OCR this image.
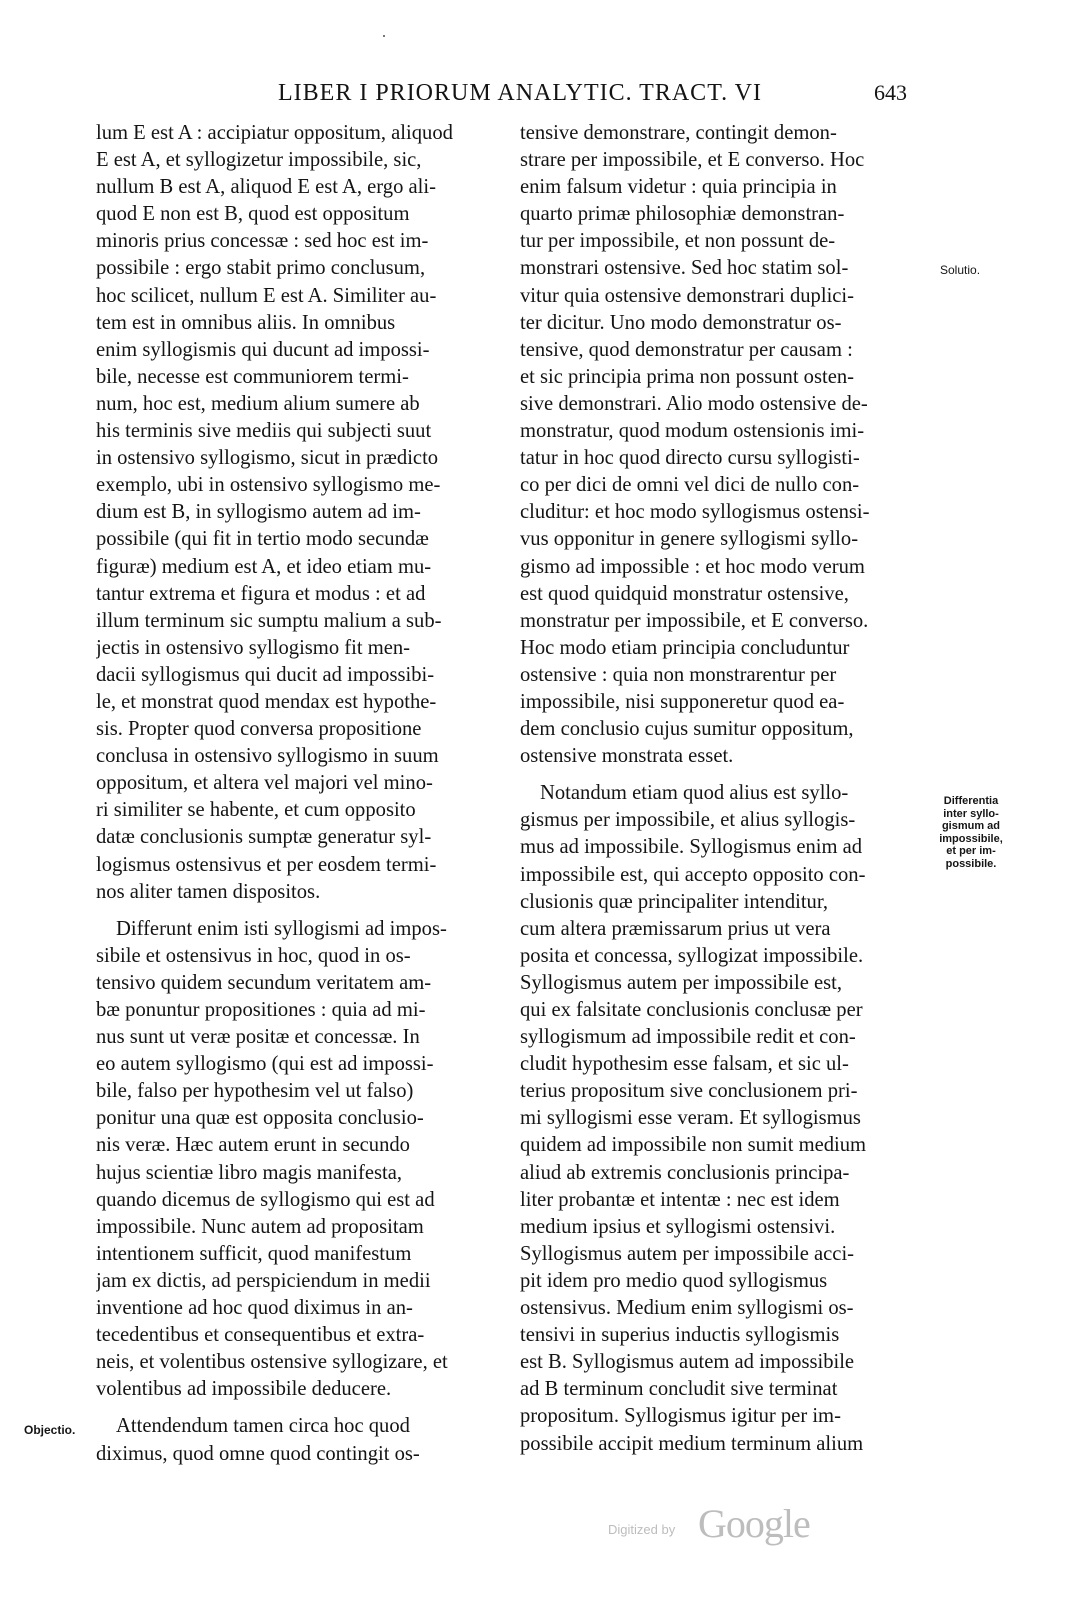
LIBER I PRIORUM ANALYTIC. TRACT. VI	643
lum E est A : accipiatur oppositum, aliquod
E est A, et syllogizetur impossibile, sic,
nullum B est A, aliquod E est A, ergo ali-
quod E non est B, quod est oppositum
minoris prius concessæ : sed hoc est im-
possibile : ergo stabit primo conclusum,
hoc scilicet, nullum E est A. Similiter au-
tem est in omnibus aliis. In omnibus
enim syllogismis qui ducunt ad impossi-
bile, necesse est communiorem termi-
num, hoc est, medium alium sumere ab
his terminis sive mediis qui subjecti suut
in ostensivo syllogismo, sicut in prædicto
exemplo, ubi in ostensivo syllogismo me-
dium est B, in syllogismo autem ad im-
possibile (qui fit in tertio modo secundæ
figuræ) medium est A, et ideo etiam mu-
tantur extrema et figura et modus : et ad
illum terminum sic sumptu malium a sub-
jectis in ostensivo syllogismo fit men-
dacii syllogismus qui ducit ad impossibi-
le, et monstrat quod mendax est hypothe-
sis. Propter quod conversa propositione
conclusa in ostensivo syllogismo in suum
oppositum, et altera vel majori vel mino-
ri similiter se habente, et cum opposito
datæ conclusionis sumptæ generatur syl-
logismus ostensivus et per eosdem termi-
nos aliter tamen dispositos.
Differunt enim isti syllogismi ad impos-
sibile et ostensivus in hoc, quod in os-
tensivo quidem secundum veritatem am-
bæ ponuntur propositiones : quia ad mi-
nus sunt ut veræ positæ et concessæ. In
eo autem syllogismo (qui est ad impossi-
bile, falso per hypothesim vel ut falso)
ponitur una quæ est opposita conclusio-
nis veræ. Hæc autem erunt in secundo
hujus scientiæ libro magis manifesta,
quando dicemus de syllogismo qui est ad
impossibile. Nunc autem ad propositam
intentionem sufficit, quod manifestum
jam ex dictis, ad perspiciendum in medii
inventione ad hoc quod diximus in an-
tecedentibus et consequentibus et extra-
neis, et volentibus ostensive syllogizare, et
volentibus ad impossibile deducere.
Attendendum tamen circa hoc quod
diximus, quod omne quod contingit os-
tensive demonstrare, contingit demon-
strare per impossibile, et E converso. Hoc
enim falsum videtur : quia principia in
quarto primæ philosophiæ demonstran-
tur per impossibile, et non possunt de-
monstrari ostensive. Sed hoc statim sol-
vitur quia ostensive demonstrari duplici-
ter dicitur. Uno modo demonstratur os-
tensive, quod demonstratur per causam :
et sic principia prima non possunt osten-
sive demonstrari. Alio modo ostensive de-
monstratur, quod modum ostensionis imi-
tatur in hoc quod directo cursu syllogisti-
co per dici de omni vel dici de nullo con-
cluditur: et hoc modo syllogismus ostensi-
vus opponitur in genere syllogismi syllo-
gismo ad impossible : et hoc modo verum
est quod quidquid monstratur ostensive,
monstratur per impossibile, et E converso.
Hoc modo etiam principia concluduntur
ostensive : quia non monstrarentur per
impossibile, nisi supponeretur quod ea-
dem conclusio cujus sumitur oppositum,
ostensive monstrata esset.
Notandum etiam quod alius est syllo-
gismus per impossibile, et alius syllogis-
mus ad impossibile. Syllogismus enim ad
impossibile est, qui accepto opposito con-
clusionis quæ principaliter intenditur,
cum altera præmissarum prius ut vera
posita et concessa, syllogizat impossibile.
Syllogismus autem per impossibile est,
qui ex falsitate conclusionis conclusæ per
syllogismum ad impossibile redit et con-
cludit hypothesim esse falsam, et sic ul-
terius propositum sive conclusionem pri-
mi syllogismi esse veram. Et syllogismus
quidem ad impossibile non sumit medium
aliud ab extremis conclusionis principa-
liter probantæ et intentæ : nec est idem
medium ipsius et syllogismi ostensivi.
Syllogismus autem per impossibile acci-
pit idem pro medio quod syllogismus
ostensivus. Medium enim syllogismi os-
tensivi in superius inductis syllogismis
est B. Syllogismus autem ad impossibile
ad B terminum concludit sive terminat
propositum. Syllogismus igitur per im-
possibile accipit medium terminum alium
Solutio.
Differentia
inter syllo-
gismum ad
impossibile,
et per im-
possibile.
Objectio.
Digitized by Google
